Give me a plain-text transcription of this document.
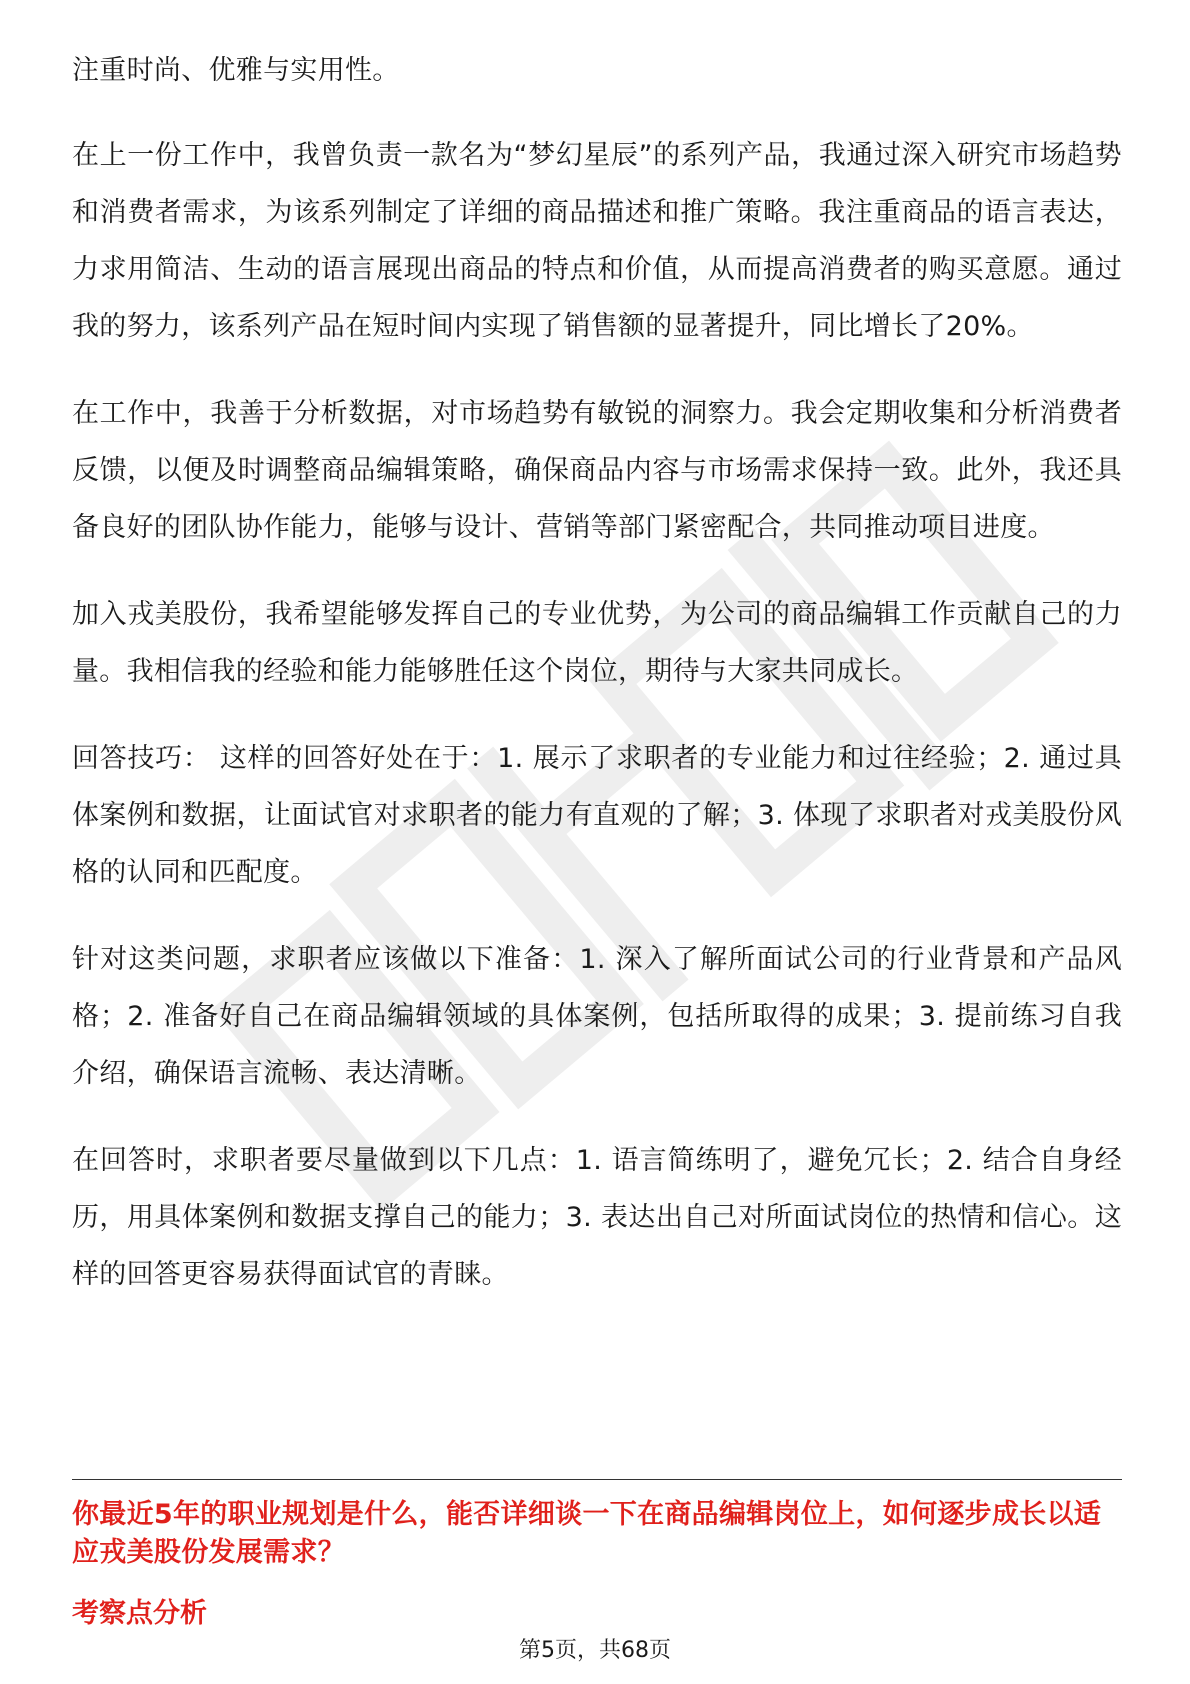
注重时尚、优雅与实用性。

在上一份工作中，我曾负责一款名为“梦幻星辰”的系列产品，我通过深入研究市场趋势和消费者需求，为该系列制定了详细的商品描述和推广策略。我注重商品的语言表达，力求用简洁、生动的语言展现出商品的特点和价值，从而提高消费者的购买意愿。通过我的努力，该系列产品在短时间内实现了销售额的显著提升，同比增长了20%。

在工作中，我善于分析数据，对市场趋势有敏锐的洞察力。我会定期收集和分析消费者反馈，以便及时调整商品编辑策略，确保商品内容与市场需求保持一致。此外，我还具备良好的团队协作能力，能够与设计、营销等部门紧密配合，共同推动项目进度。

加入戎美股份，我希望能够发挥自己的专业优势，为公司的商品编辑工作贡献自己的力量。我相信我的经验和能力能够胜任这个岗位，期待与大家共同成长。

回答技巧： 这样的回答好处在于：1. 展示了求职者的专业能力和过往经验；2. 通过具体案例和数据，让面试官对求职者的能力有直观的了解；3. 体现了求职者对戎美股份风格的认同和匹配度。

针对这类问题，求职者应该做以下准备：1. 深入了解所面试公司的行业背景和产品风格；2. 准备好自己在商品编辑领域的具体案例，包括所取得的成果；3. 提前练习自我介绍，确保语言流畅、表达清晰。

在回答时，求职者要尽量做到以下几点：1. 语言简练明了，避免冗长；2. 结合自身经历，用具体案例和数据支撑自己的能力；3. 表达出自己对所面试岗位的热情和信心。这样的回答更容易获得面试官的青睐。

你最近5年的职业规划是什么，能否详细谈一下在商品编辑岗位上，如何逐步成长以适应戎美股份发展需求？
考察点分析
第5页，共68页
